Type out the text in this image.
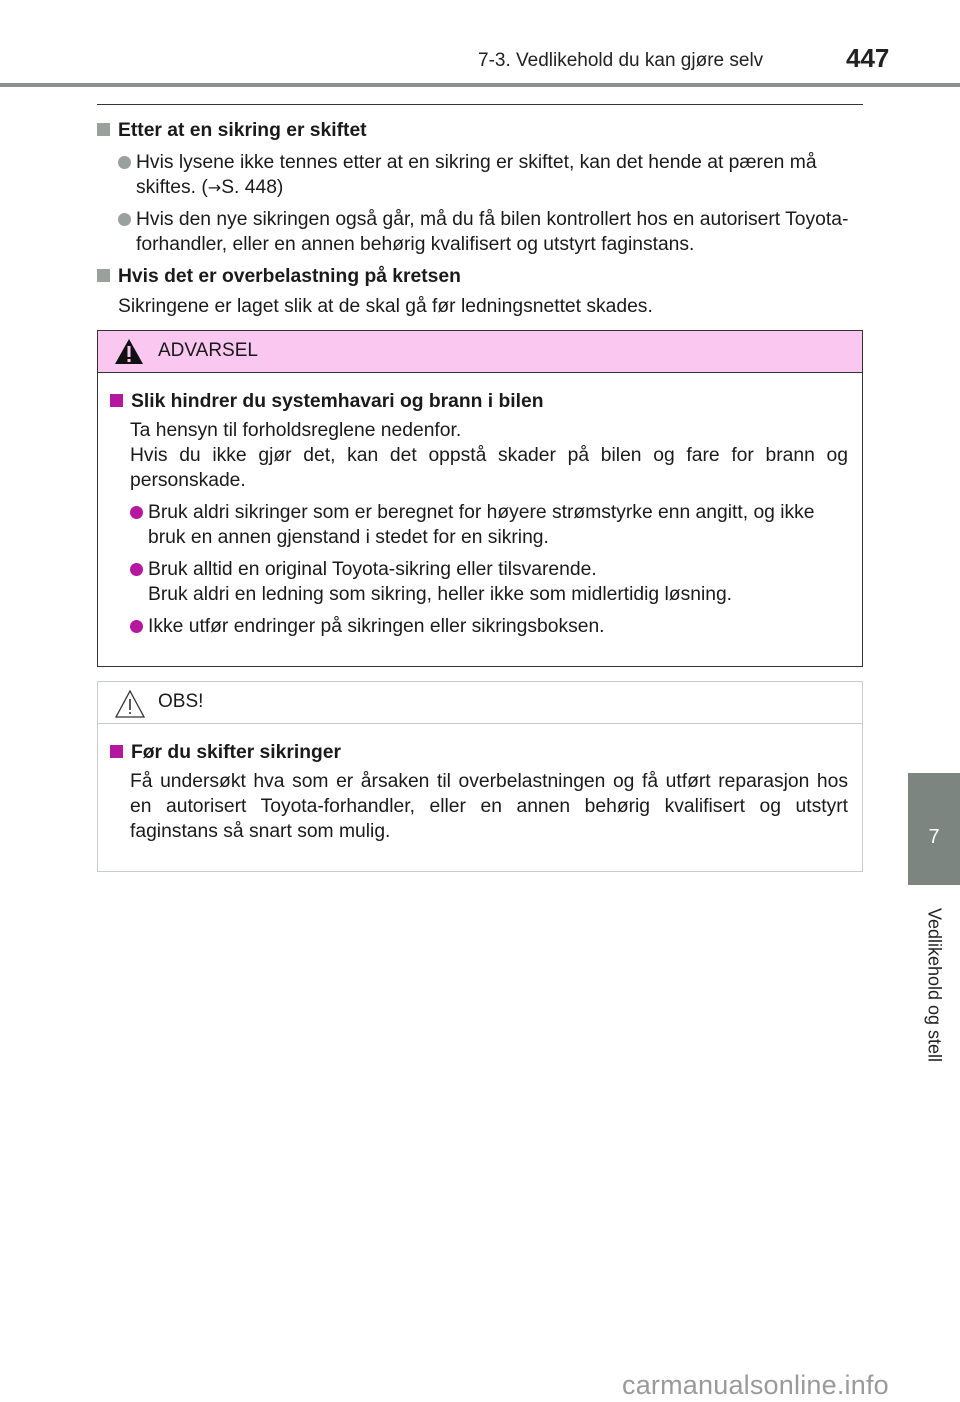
7-3. Vedlikehold du kan gjøre selv	447
7
Vedlikehold og stell
Etter at en sikring er skiftet
Hvis lysene ikke tennes etter at en sikring er skiftet, kan det hende at pæren må skiftes. (→S. 448)
Hvis den nye sikringen også går, må du få bilen kontrollert hos en autorisert Toyota-forhandler, eller en annen behørig kvalifisert og utstyrt faginstans.
Hvis det er overbelastning på kretsen
Sikringene er laget slik at de skal gå før ledningsnettet skades.
ADVARSEL
Slik hindrer du systemhavari og brann i bilen
Ta hensyn til forholdsreglene nedenfor.
Hvis du ikke gjør det, kan det oppstå skader på bilen og fare for brann og personskade.
Bruk aldri sikringer som er beregnet for høyere strømstyrke enn angitt, og ikke bruk en annen gjenstand i stedet for en sikring.
Bruk alltid en original Toyota-sikring eller tilsvarende.
Bruk aldri en ledning som sikring, heller ikke som midlertidig løsning.
Ikke utfør endringer på sikringen eller sikringsboksen.
OBS!
Før du skifter sikringer
Få undersøkt hva som er årsaken til overbelastningen og få utført reparasjon hos en autorisert Toyota-forhandler, eller en annen behørig kvalifisert og utstyrt faginstans så snart som mulig.
carmanualsonline.info
